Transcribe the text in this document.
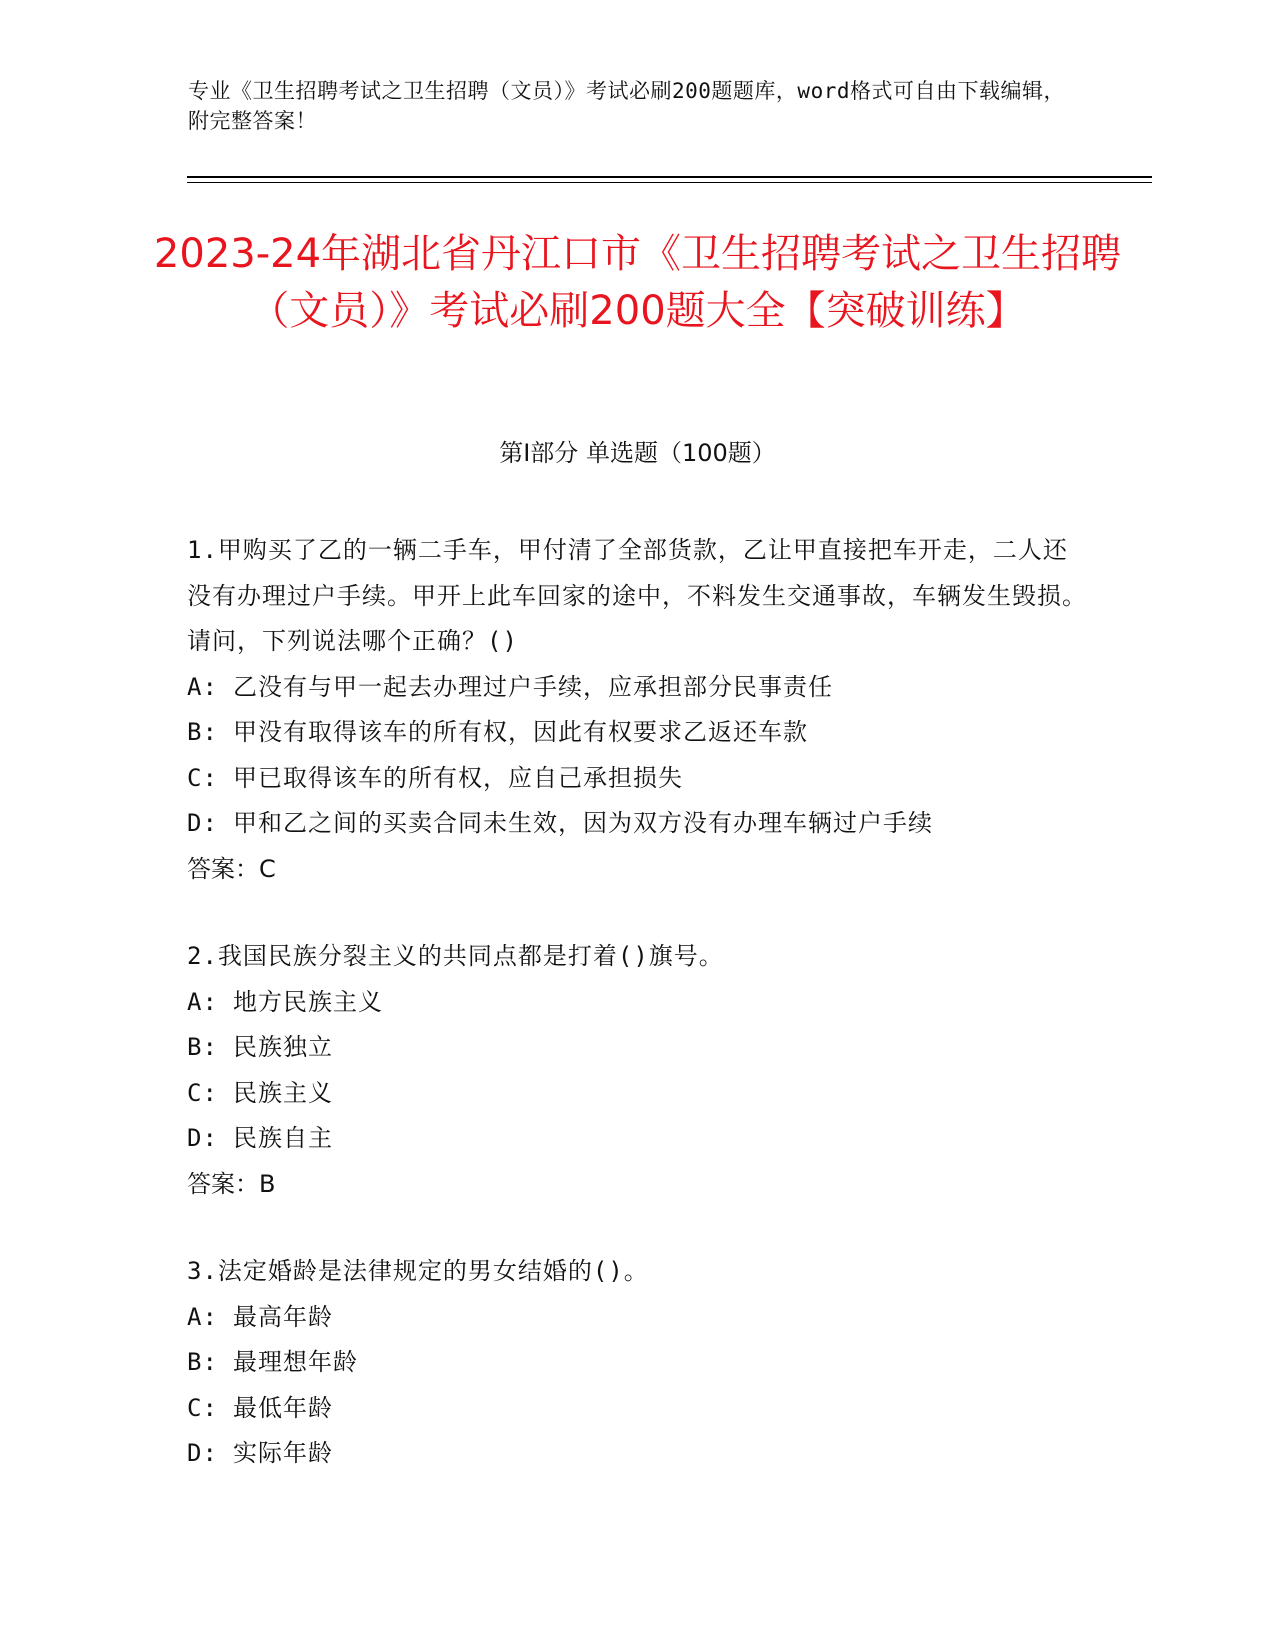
专业《卫生招聘考试之卫生招聘（文员）》考试必刷200题题库，word格式可自由下载编辑，附完整答案！
2023-24年湖北省丹江口市《卫生招聘考试之卫生招聘（文员）》考试必刷200题大全【突破训练】
第Ⅰ部分 单选题（100题）
1.甲购买了乙的一辆二手车，甲付清了全部货款，乙让甲直接把车开走，二人还没有办理过户手续。甲开上此车回家的途中，不料发生交通事故，车辆发生毁损。请问，下列说法哪个正确？()
A: 乙没有与甲一起去办理过户手续，应承担部分民事责任
B: 甲没有取得该车的所有权，因此有权要求乙返还车款
C: 甲已取得该车的所有权，应自己承担损失
D: 甲和乙之间的买卖合同未生效，因为双方没有办理车辆过户手续
答案：C
2.我国民族分裂主义的共同点都是打着()旗号。
A: 地方民族主义
B: 民族独立
C: 民族主义
D: 民族自主
答案：B
3.法定婚龄是法律规定的男女结婚的()。
A: 最高年龄
B: 最理想年龄
C: 最低年龄
D: 实际年龄
